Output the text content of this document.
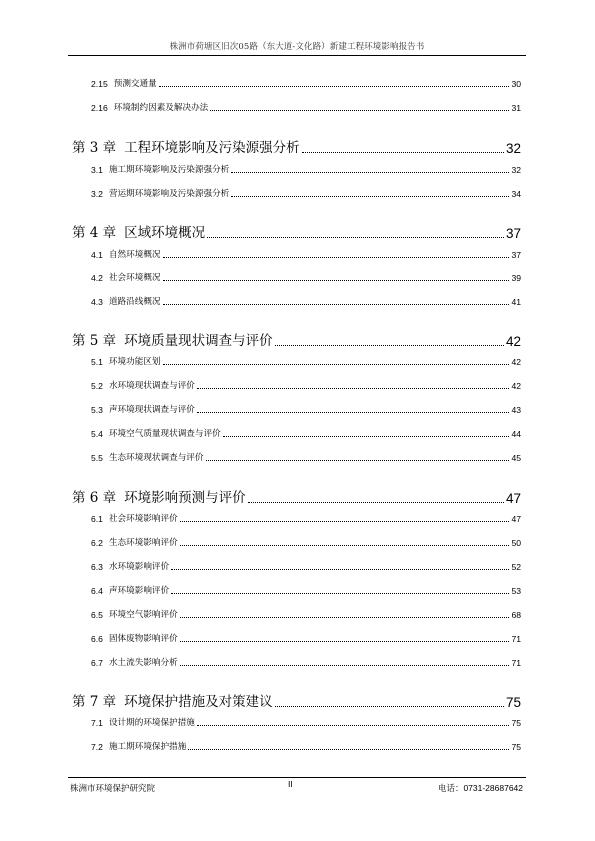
株洲市荷塘区旧次05路（东大道-文化路）新建工程环境影响报告书
2.15 预测交通量	30
2.16 环境制约因素及解决办法	31
第 3 章 工程环境影响及污染源强分析	32
3.1 施工期环境影响及污染源强分析	32
3.2 营运期环境影响及污染源强分析	34
第 4 章 区域环境概况	37
4.1 自然环境概况	37
4.2 社会环境概况	39
4.3 道路沿线概况	41
第 5 章 环境质量现状调查与评价	42
5.1 环境功能区划	42
5.2 水环境现状调查与评价	42
5.3 声环境现状调查与评价	43
5.4 环境空气质量现状调查与评价	44
5.5 生态环境现状调查与评价	45
第 6 章 环境影响预测与评价	47
6.1 社会环境影响评价	47
6.2 生态环境影响评价	50
6.3 水环境影响评价	52
6.4 声环境影响评价	53
6.5 环境空气影响评价	68
6.6 固体废物影响评价	71
6.7 水土流失影响分析	71
第 7 章 环境保护措施及对策建议	75
7.1 设计期的环境保护措施	75
7.2 施工期环境保护措施	75
株洲市环境保护研究院	II	电话：0731-28687642
